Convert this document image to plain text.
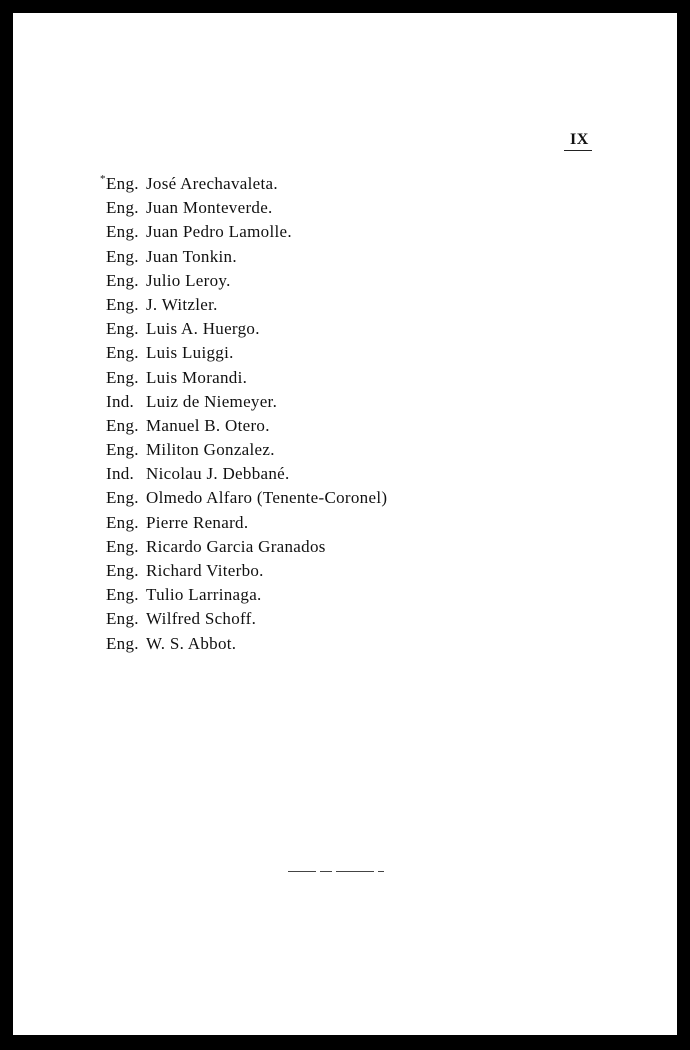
IX
* Eng. José Arechavaleta.
Eng. Juan Monteverde.
Eng. Juan Pedro Lamolle.
Eng. Juan Tonkin.
Eng. Julio Leroy.
Eng. J. Witzler.
Eng. Luis A. Huergo.
Eng. Luis Luiggi.
Eng. Luis Morandi.
Ind. Luiz de Niemeyer.
Eng. Manuel B. Otero.
Eng. Militon Gonzalez.
Ind. Nicolau J. Debbané.
Eng. Olmedo Alfaro (Tenente-Coronel)
Eng. Pierre Renard.
Eng. Ricardo Garcia Granados
Eng. Richard Viterbo.
Eng. Tulio Larrinaga.
Eng. Wilfred Schoff.
Eng. W. S. Abbot.
